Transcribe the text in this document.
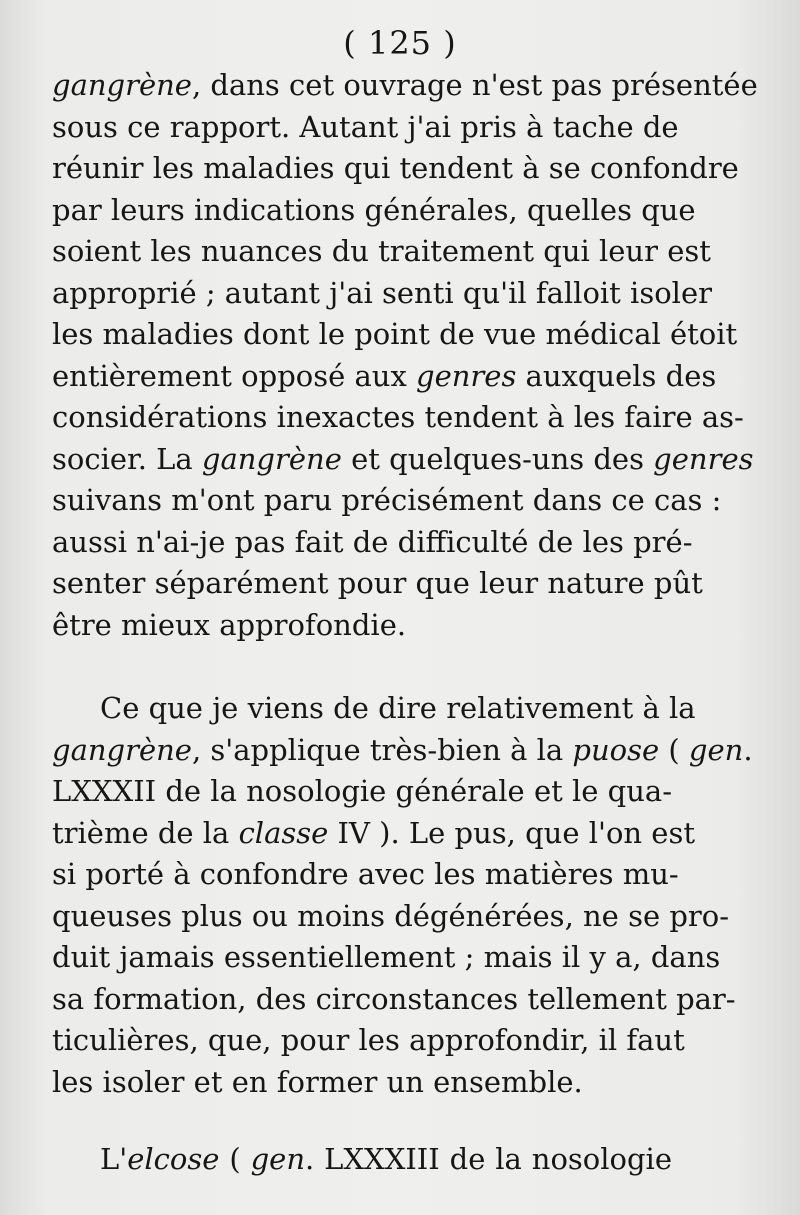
( 125 )
gangrène, dans cet ouvrage n'est pas présentée
sous ce rapport. Autant j'ai pris à tache de
réunir les maladies qui tendent à se confondre
par leurs indications générales, quelles que
soient les nuances du traitement qui leur est
approprié ; autant j'ai senti qu'il falloit isoler
les maladies dont le point de vue médical étoit
entièrement opposé aux genres auxquels des
considérations inexactes tendent à les faire as-
socier. La gangrène et quelques-uns des genres
suivans m'ont paru précisément dans ce cas :
aussi n'ai-je pas fait de difficulté de les pré-
senter séparément pour que leur nature pût
être mieux approfondie.
Ce que je viens de dire relativement à la
gangrène, s'applique très-bien à la puose ( gen.
LXXXII de la nosologie générale et le qua-
trième de la classe IV ). Le pus, que l'on est
si porté à confondre avec les matières mu-
queuses plus ou moins dégénérées, ne se pro-
duit jamais essentiellement ; mais il y a, dans
sa formation, des circonstances tellement par-
ticulières, que, pour les approfondir, il faut
les isoler et en former un ensemble.
L'elcose ( gen. LXXXIII de la nosologie
